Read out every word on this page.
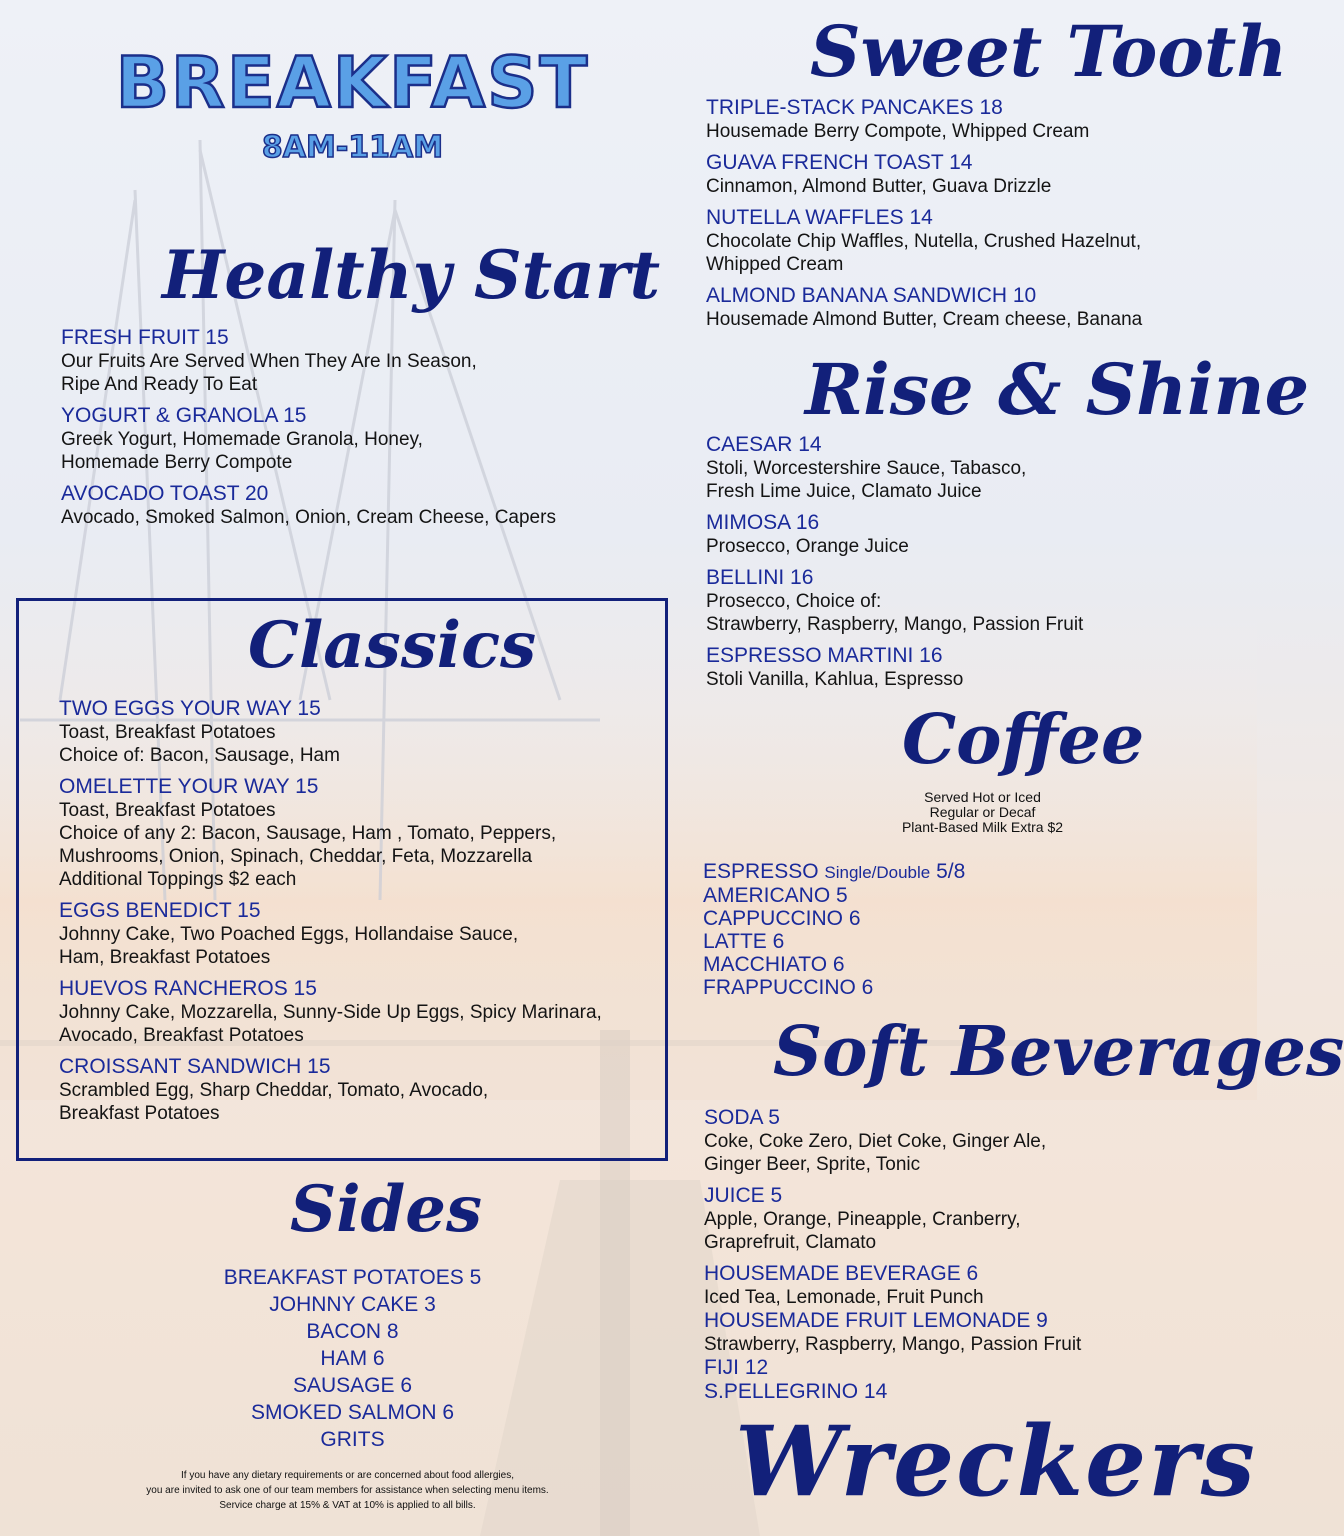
BREAKFAST
8AM-11AM
Healthy Start
FRESH FRUIT 15
Our Fruits Are Served When They Are In Season,
Ripe And Ready To Eat
YOGURT & GRANOLA 15
Greek Yogurt, Homemade Granola, Honey,
Homemade Berry Compote
AVOCADO TOAST 20
Avocado, Smoked Salmon, Onion, Cream Cheese, Capers
Classics
TWO EGGS YOUR WAY 15
Toast, Breakfast Potatoes
Choice of: Bacon, Sausage, Ham
OMELETTE YOUR WAY 15
Toast, Breakfast Potatoes
Choice of any 2: Bacon, Sausage, Ham , Tomato, Peppers,
Mushrooms, Onion, Spinach, Cheddar, Feta, Mozzarella
Additional Toppings $2 each
EGGS BENEDICT 15
Johnny Cake, Two Poached Eggs, Hollandaise Sauce,
Ham, Breakfast Potatoes
HUEVOS RANCHEROS 15
Johnny Cake, Mozzarella, Sunny-Side Up Eggs, Spicy Marinara,
Avocado, Breakfast Potatoes
CROISSANT SANDWICH 15
Scrambled Egg, Sharp Cheddar, Tomato, Avocado,
Breakfast Potatoes
Sides
BREAKFAST POTATOES 5
JOHNNY CAKE 3
BACON 8
HAM 6
SAUSAGE 6
SMOKED SALMON 6
GRITS
If you have any dietary requirements or are concerned about food allergies,
you are invited to ask one of our team members for assistance when selecting menu items.
Service charge at 15% & VAT at 10% is applied to all bills.
Sweet Tooth
TRIPLE-STACK PANCAKES 18
Housemade Berry Compote, Whipped Cream
GUAVA FRENCH TOAST 14
Cinnamon, Almond Butter, Guava Drizzle
NUTELLA WAFFLES 14
Chocolate Chip Waffles, Nutella, Crushed Hazelnut,
Whipped Cream
ALMOND BANANA SANDWICH 10
Housemade Almond Butter, Cream cheese, Banana
Rise & Shine
CAESAR 14
Stoli, Worcestershire Sauce, Tabasco,
Fresh Lime Juice, Clamato Juice
MIMOSA 16
Prosecco, Orange Juice
BELLINI 16
Prosecco, Choice of:
Strawberry, Raspberry, Mango, Passion Fruit
ESPRESSO MARTINI 16
Stoli Vanilla, Kahlua, Espresso
Coffee
Served Hot or Iced
Regular or Decaf
Plant-Based Milk Extra $2
ESPRESSO Single/Double 5/8
AMERICANO 5
CAPPUCCINO 6
LATTE 6
MACCHIATO 6
FRAPPUCCINO 6
Soft Beverages
SODA 5
Coke, Coke Zero, Diet Coke, Ginger Ale,
Ginger Beer, Sprite, Tonic
JUICE 5
Apple, Orange, Pineapple, Cranberry,
Graprefruit, Clamato
HOUSEMADE BEVERAGE 6
Iced Tea, Lemonade, Fruit Punch
HOUSEMADE FRUIT LEMONADE 9
Strawberry, Raspberry, Mango, Passion Fruit
FIJI 12
S.PELLEGRINO 14
Wreckers
